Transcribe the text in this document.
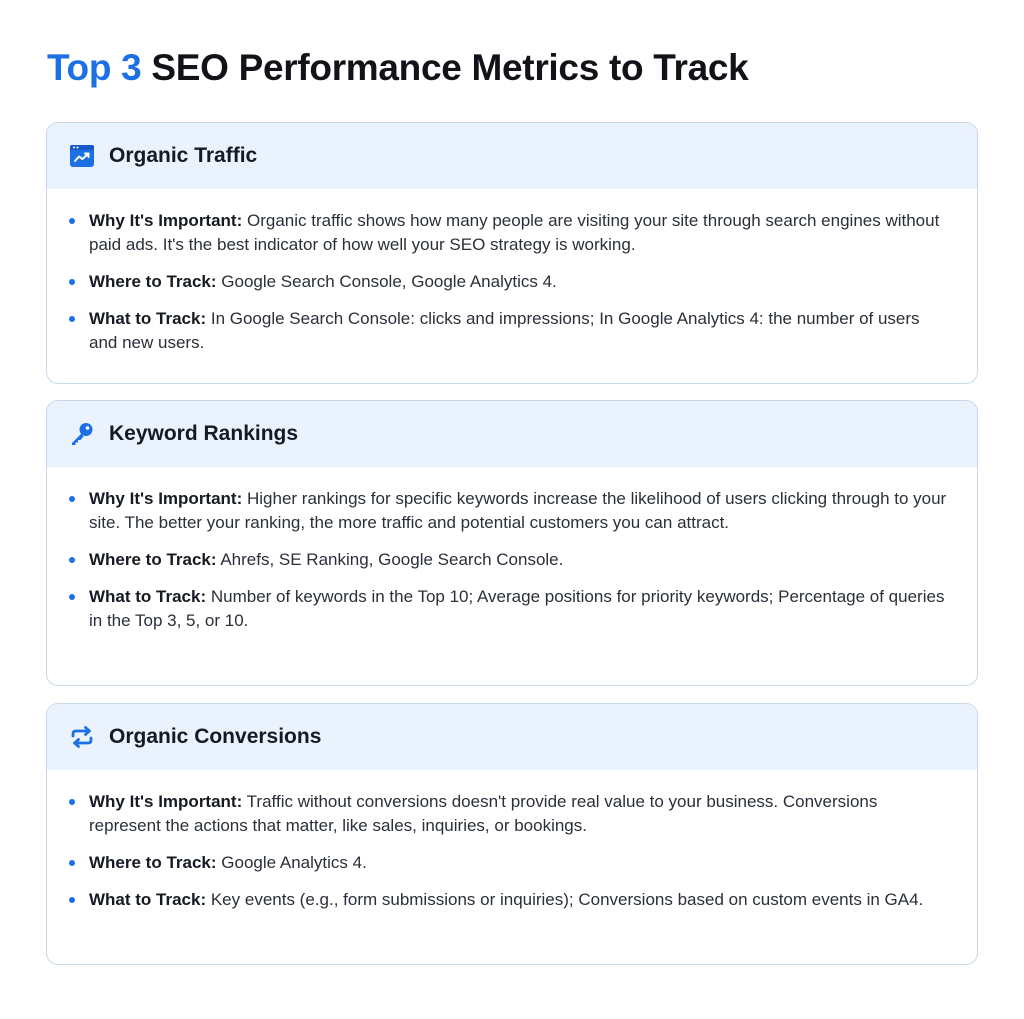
Top 3 SEO Performance Metrics to Track
Organic Traffic
Why It's Important: Organic traffic shows how many people are visiting your site through search engines without paid ads. It's the best indicator of how well your SEO strategy is working.
Where to Track: Google Search Console, Google Analytics 4.
What to Track: In Google Search Console: clicks and impressions; In Google Analytics 4: the number of users and new users.
Keyword Rankings
Why It's Important: Higher rankings for specific keywords increase the likelihood of users clicking through to your site. The better your ranking, the more traffic and potential customers you can attract.
Where to Track: Ahrefs, SE Ranking, Google Search Console.
What to Track: Number of keywords in the Top 10; Average positions for priority keywords; Percentage of queries in the Top 3, 5, or 10.
Organic Conversions
Why It's Important: Traffic without conversions doesn't provide real value to your business. Conversions represent the actions that matter, like sales, inquiries, or bookings.
Where to Track: Google Analytics 4.
What to Track: Key events (e.g., form submissions or inquiries); Conversions based on custom events in GA4.
